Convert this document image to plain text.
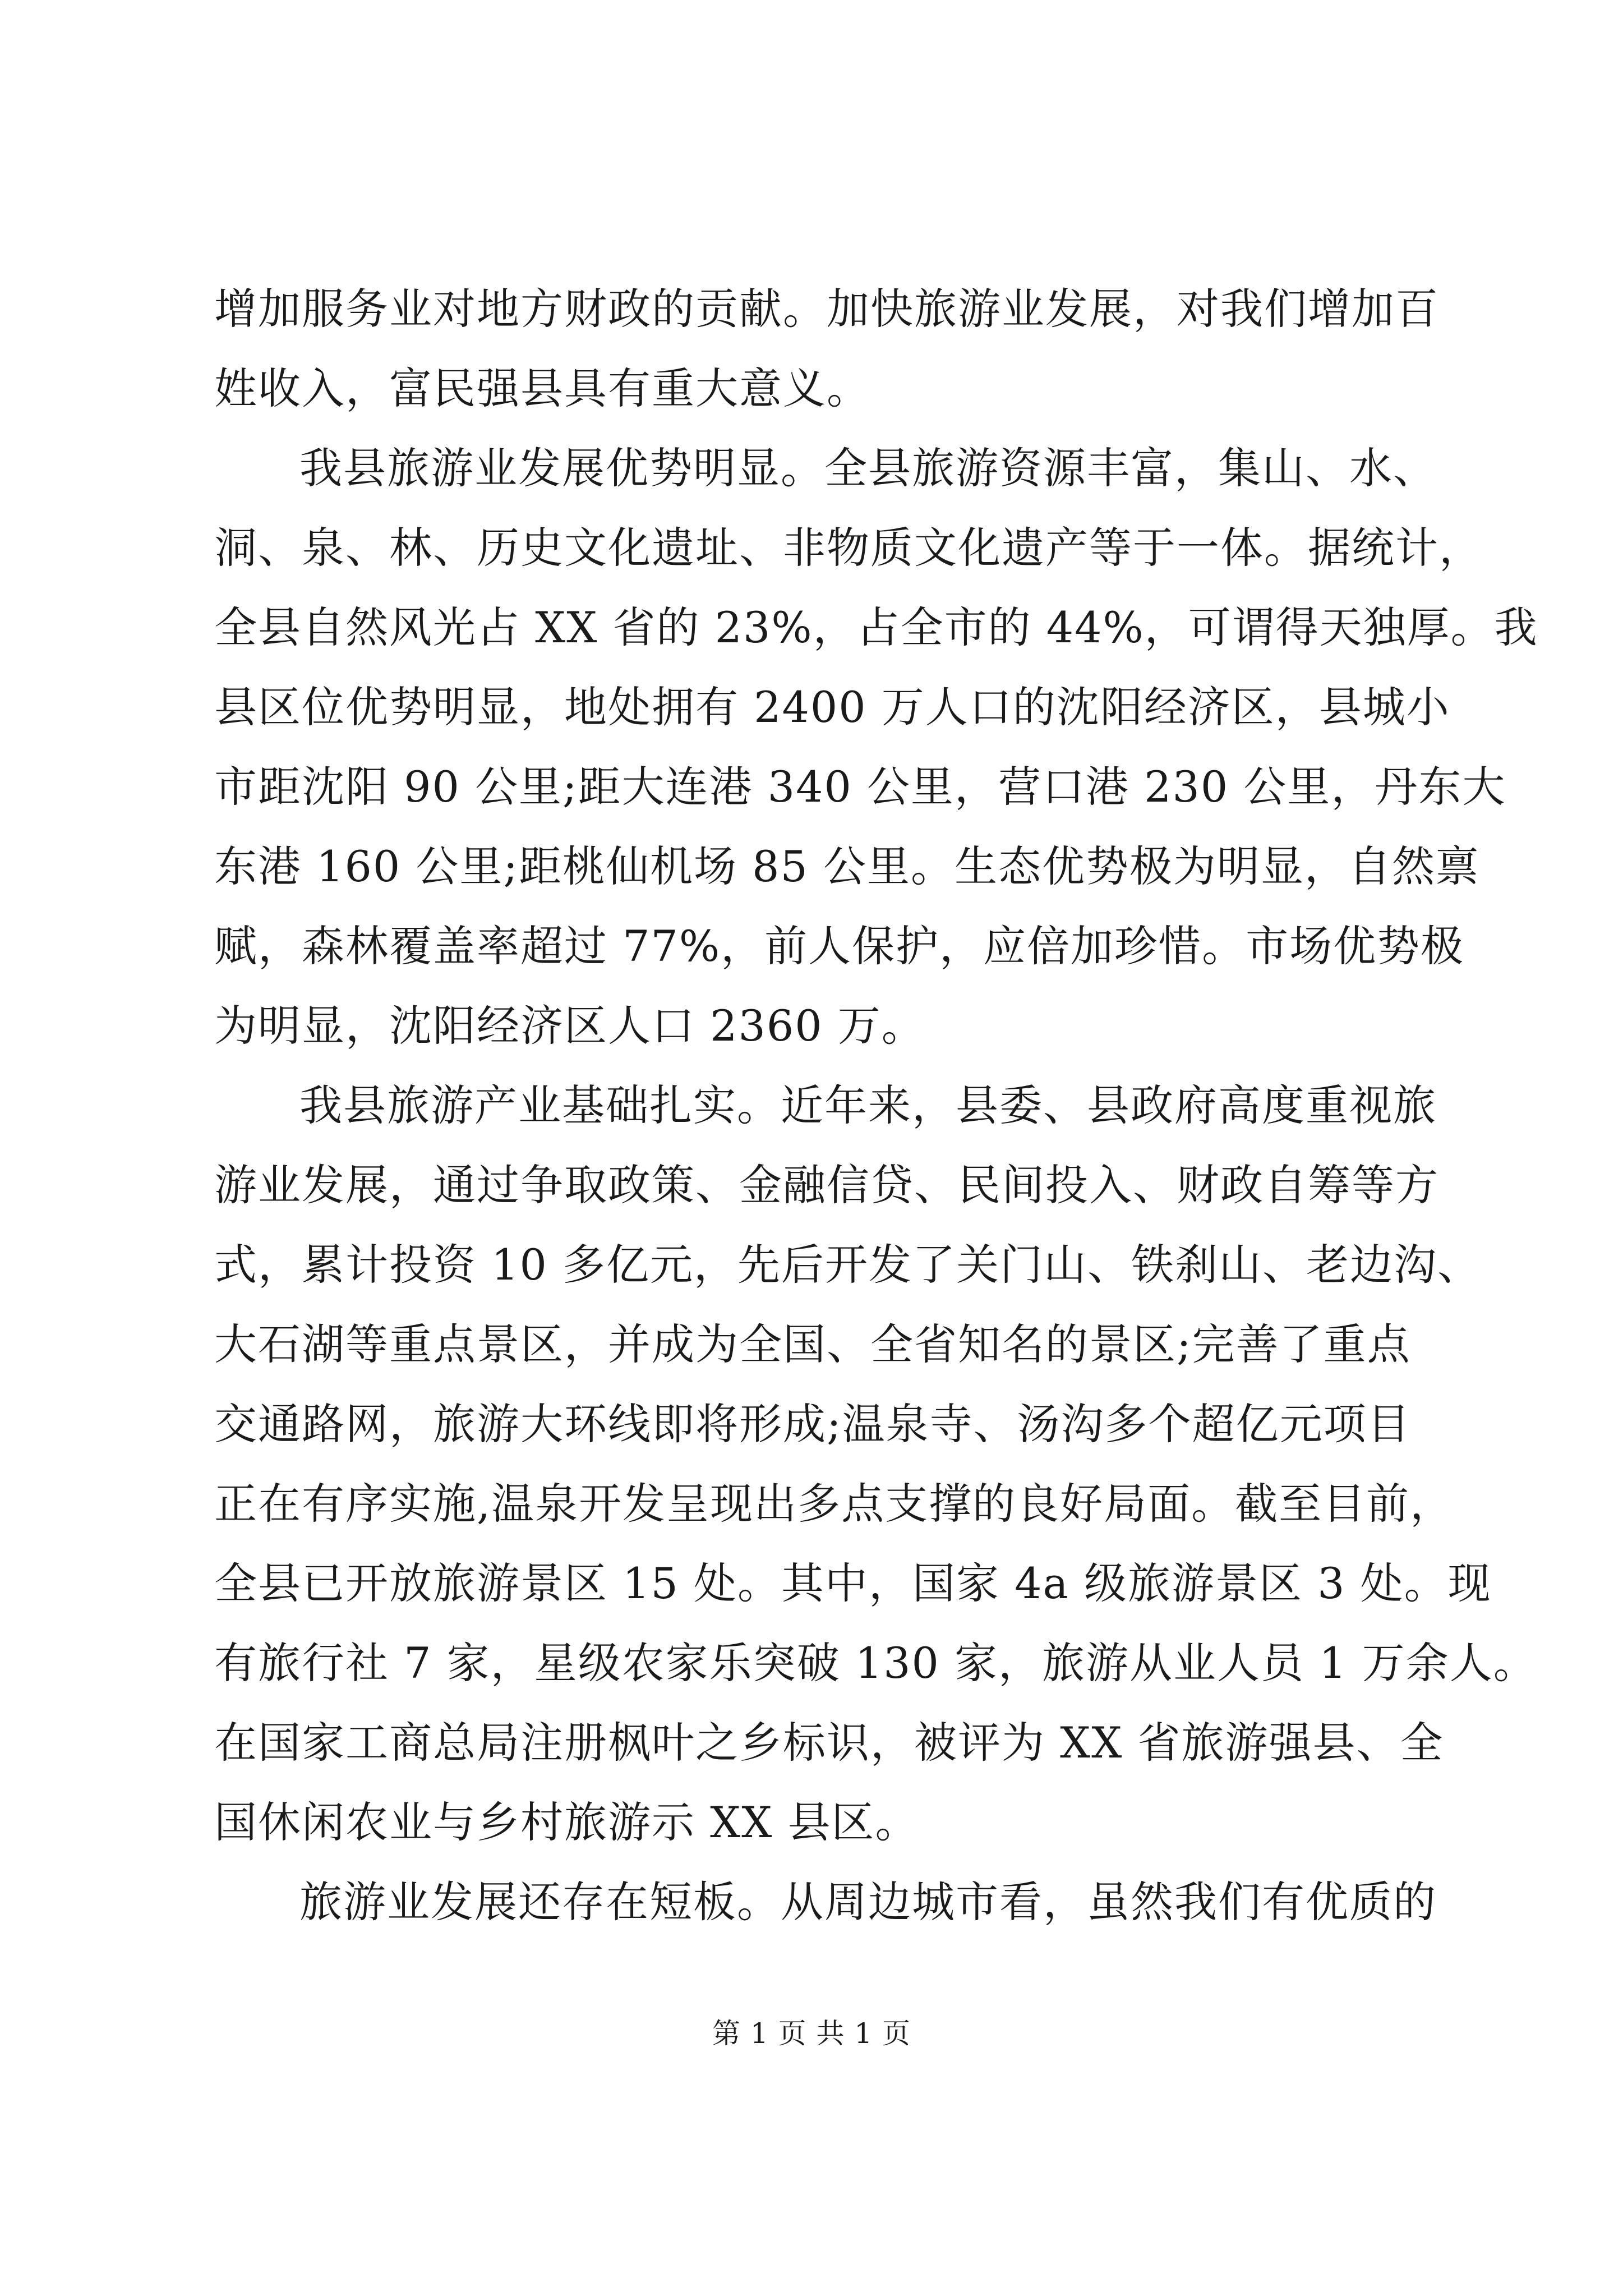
增加服务业对地方财政的贡献。加快旅游业发展，对我们增加百
姓收入，富民强县具有重大意义。
我县旅游业发展优势明显。全县旅游资源丰富，集山、水、
洞、泉、林、历史文化遗址、非物质文化遗产等于一体。据统计，
全县自然风光占 XX 省的 23%，占全市的 44%，可谓得天独厚。我
县区位优势明显，地处拥有 2400 万人口的沈阳经济区，县城小
市距沈阳 90 公里;距大连港 340 公里，营口港 230 公里，丹东大
东港 160 公里;距桃仙机场 85 公里。生态优势极为明显，自然禀
赋，森林覆盖率超过 77%，前人保护，应倍加珍惜。市场优势极
为明显，沈阳经济区人口 2360 万。
我县旅游产业基础扎实。近年来，县委、县政府高度重视旅
游业发展，通过争取政策、金融信贷、民间投入、财政自筹等方
式，累计投资 10 多亿元，先后开发了关门山、铁刹山、老边沟、
大石湖等重点景区，并成为全国、全省知名的景区;完善了重点
交通路网，旅游大环线即将形成;温泉寺、汤沟多个超亿元项目
正在有序实施,温泉开发呈现出多点支撑的良好局面。截至目前，
全县已开放旅游景区 15 处。其中，国家 4a 级旅游景区 3 处。现
有旅行社 7 家，星级农家乐突破 130 家，旅游从业人员 1 万余人。
在国家工商总局注册枫叶之乡标识，被评为 XX 省旅游强县、全
国休闲农业与乡村旅游示 XX 县区。
旅游业发展还存在短板。从周边城市看，虽然我们有优质的
第 1 页 共 1 页
